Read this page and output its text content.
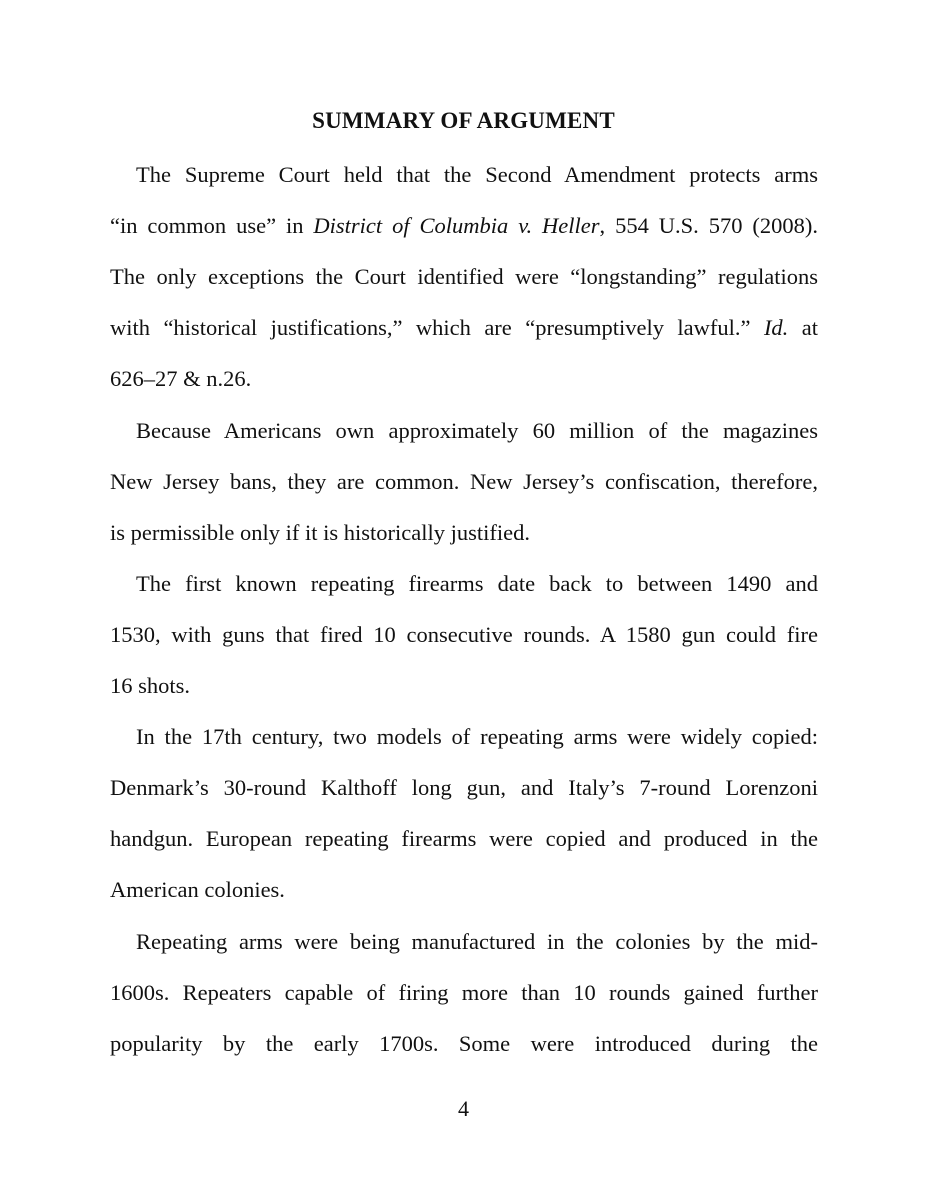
SUMMARY OF ARGUMENT
The Supreme Court held that the Second Amendment protects arms
“in common use” in District of Columbia v. Heller, 554 U.S. 570 (2008).
The only exceptions the Court identified were “longstanding” regulations
with “historical justifications,” which are “presumptively lawful.” Id. at
626–27 & n.26.
Because Americans own approximately 60 million of the magazines
New Jersey bans, they are common. New Jersey’s confiscation, therefore,
is permissible only if it is historically justified.
The first known repeating firearms date back to between 1490 and
1530, with guns that fired 10 consecutive rounds. A 1580 gun could fire
16 shots.
In the 17th century, two models of repeating arms were widely copied:
Denmark’s 30-round Kalthoff long gun, and Italy’s 7-round Lorenzoni
handgun. European repeating firearms were copied and produced in the
American colonies.
Repeating arms were being manufactured in the colonies by the mid-
1600s. Repeaters capable of firing more than 10 rounds gained further
popularity by the early 1700s. Some were introduced during the
4
